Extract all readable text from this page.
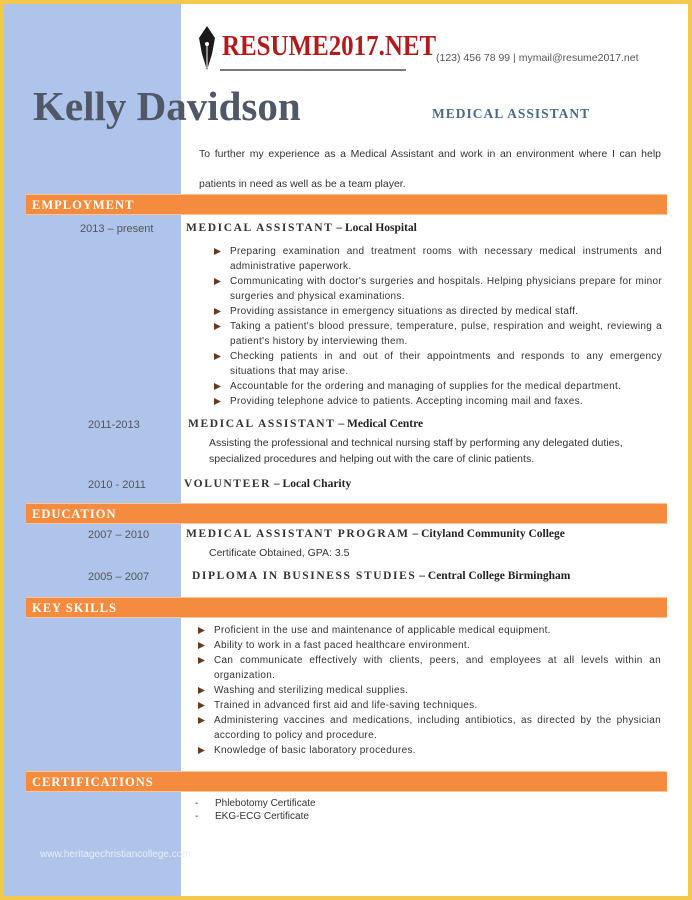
RESUME2017.NET (123) 456 78 99 | mymail@resume2017.net
Kelly Davidson	MEDICAL ASSISTANT
To further my experience as a Medical Assistant and work in an environment where I can help patients in need as well as be a team player.
EMPLOYMENT
2013 – present	MEDICAL ASSISTANT – Local Hospital
Preparing examination and treatment rooms with necessary medical instruments and administrative paperwork.
Communicating with doctor's surgeries and hospitals. Helping physicians prepare for minor surgeries and physical examinations.
Providing assistance in emergency situations as directed by medical staff.
Taking a patient's blood pressure, temperature, pulse, respiration and weight, reviewing a patient's history by interviewing them.
Checking patients in and out of their appointments and responds to any emergency situations that may arise.
Accountable for the ordering and managing of supplies for the medical department.
Providing telephone advice to patients. Accepting incoming mail and faxes.
2011-2013	MEDICAL ASSISTANT – Medical Centre
Assisting the professional and technical nursing staff by performing any delegated duties, specialized procedures and helping out with the care of clinic patients.
2010 - 2011	VOLUNTEER – Local Charity
EDUCATION
2007 – 2010	MEDICAL ASSISTANT PROGRAM – Cityland Community College
Certificate Obtained, GPA: 3.5
2005 – 2007	DIPLOMA IN BUSINESS STUDIES – Central College Birmingham
KEY SKILLS
Proficient in the use and maintenance of applicable medical equipment.
Ability to work in a fast paced healthcare environment.
Can communicate effectively with clients, peers, and employees at all levels within an organization.
Washing and sterilizing medical supplies.
Trained in advanced first aid and life-saving techniques.
Administering vaccines and medications, including antibiotics, as directed by the physician according to policy and procedure.
Knowledge of basic laboratory procedures.
CERTIFICATIONS
- Phlebotomy Certificate
- EKG-ECG Certificate
www.heritagechristiancollege.com
